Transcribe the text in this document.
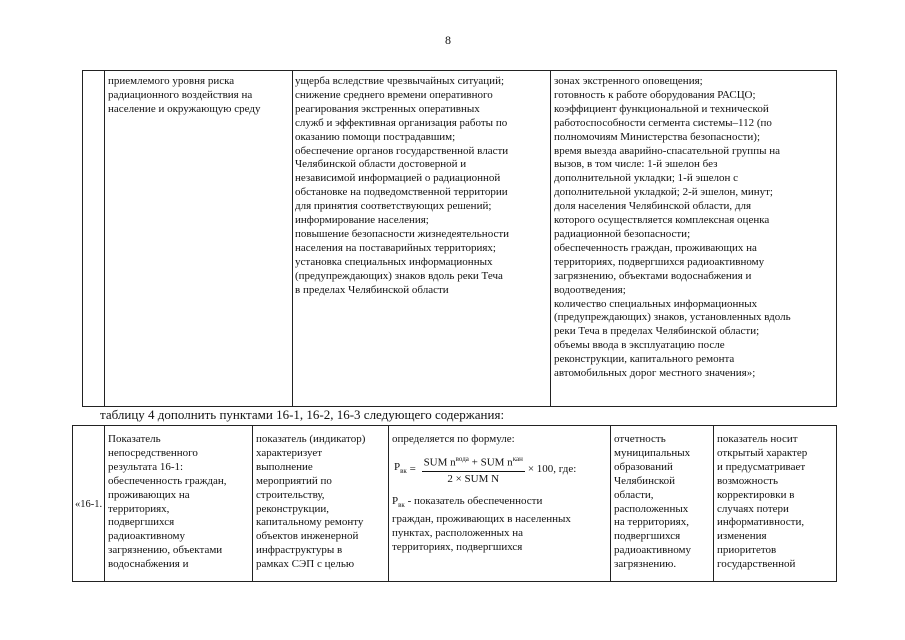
8
приемлемого уровня риска
радиационного воздействия на
население и окружающую среду
ущерба вследствие чрезвычайных ситуаций;
снижение среднего времени оперативного
реагирования экстренных оперативных
служб и эффективная организация работы по
оказанию помощи пострадавшим;
обеспечение органов государственной власти
Челябинской области достоверной и
независимой информацией о радиационной
обстановке на подведомственной территории
для принятия соответствующих решений;
информирование населения;
повышение безопасности жизнедеятельности
населения на поставарийных территориях;
установка специальных информационных
(предупреждающих) знаков вдоль реки Теча
в пределах Челябинской области
зонах экстренного оповещения;
готовность к работе оборудования РАСЦО;
коэффициент функциональной и технической
работоспособности сегмента системы–112 (по
полномочиям Министерства безопасности);
время выезда аварийно-спасательной группы на
вызов, в том числе: 1-й эшелон без
дополнительной укладки; 1-й эшелон с
дополнительной укладкой; 2-й эшелон, минут;
доля населения Челябинской области, для
которого осуществляется комплексная оценка
радиационной безопасности;
обеспеченность граждан, проживающих на
территориях, подвергшихся радиоактивному
загрязнению, объектами водоснабжения и
водоотведения;
количество специальных информационных
(предупреждающих) знаков, установленных вдоль
реки Теча в пределах Челябинской области;
объемы ввода в эксплуатацию после
реконструкции, капитального ремонта
автомобильных дорог местного значения»;
таблицу 4 дополнить пунктами 16-1, 16-2, 16-3 следующего содержания:
«16-1.
Показатель
непосредственного
результата 16-1:
обеспеченность граждан,
проживающих на
территориях,
подвергшихся
радиоактивному
загрязнению, объектами
водоснабжения и
показатель (индикатор)
характеризует
выполнение
мероприятий по
строительству,
реконструкции,
капитальному ремонту
объектов инженерной
инфраструктуры в
рамках СЭП с целью
определяется по формуле:
$P_{вк} = \frac{SUM n^{вода} + SUM n^{кан}}{\text{2 × SUM N}} \times 100$, где:
$P_{вк}$ - показатель обеспеченности
граждан, проживающих в населенных
пунктах, расположенных на
территориях, подвергшихся
отчетность
муниципальных
образований
Челябинской
области,
расположенных
на территориях,
подвергшихся
радиоактивному
загрязнению.
показатель носит
открытый характер
и предусматривает
возможность
корректировки в
случаях потери
информативности,
изменения
приоритетов
государственной
